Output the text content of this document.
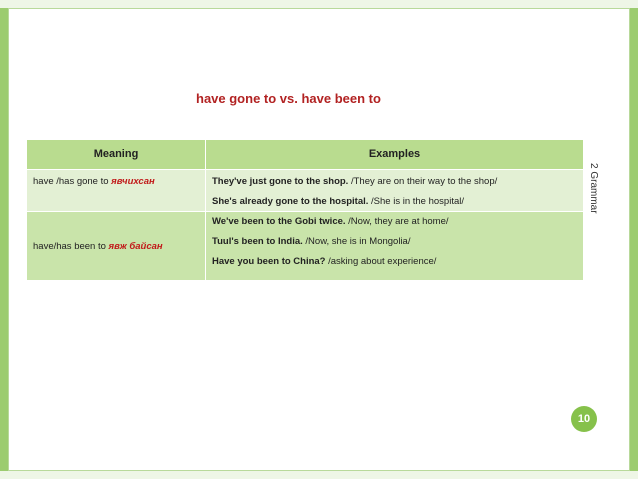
have gone to vs. have been to
Meaning	Examples

have /has gone to явчихсан	They've just gone to the shop. /They are on their way to the shop/
She's already gone to the hospital. /She is in the hospital/

have/has been to явж байсан	We've been to the Gobi twice. /Now, they are at home/
Tuul's been to India. /Now, she is in Mongolia/
Have you been to China? /asking about experience/
2 Grammar
10
